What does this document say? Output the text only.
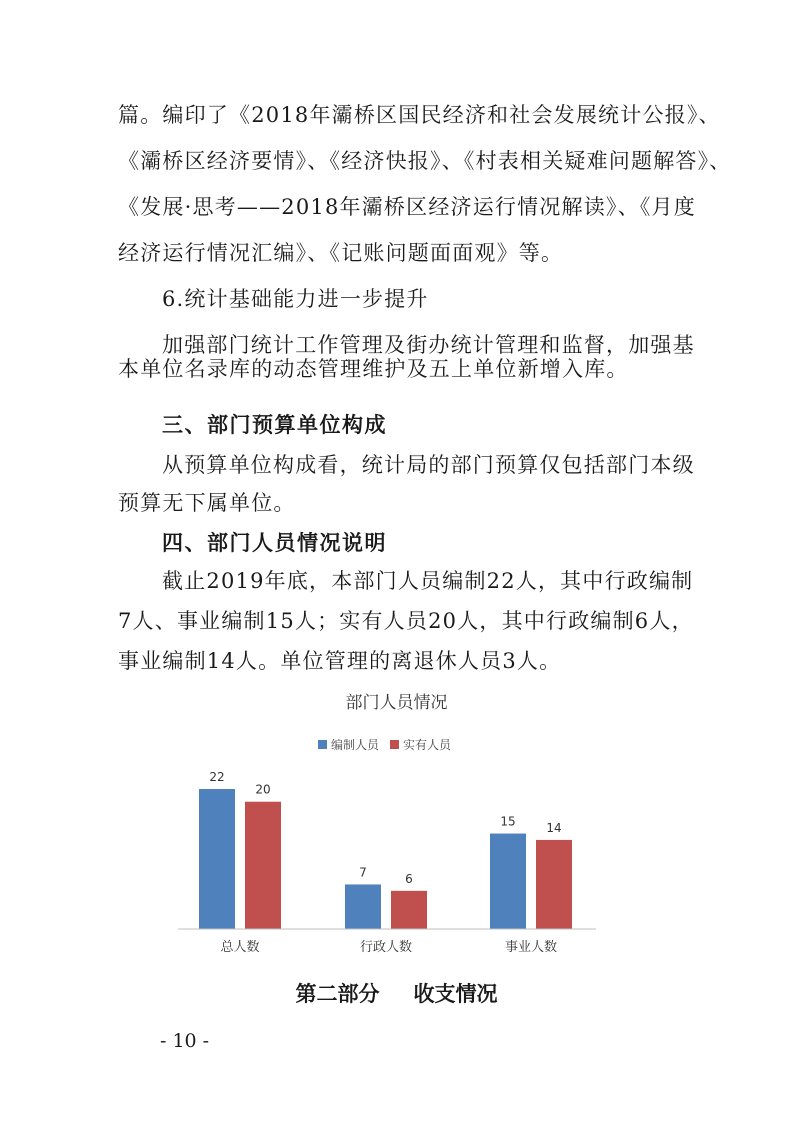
篇。编印了《2018年灞桥区国民经济和社会发展统计公报》、
《灞桥区经济要情》、《经济快报》、《村表相关疑难问题解答》、
《发展·思考——2018年灞桥区经济运行情况解读》、《月度
经济运行情况汇编》、《记账问题面面观》等。
6.统计基础能力进一步提升
加强部门统计工作管理及街办统计管理和监督，加强基
本单位名录库的动态管理维护及五上单位新增入库。
三、部门预算单位构成
从预算单位构成看，统计局的部门预算仅包括部门本级
预算无下属单位。
四、部门人员情况说明
截止2019年底，本部门人员编制22人，其中行政编制
7人、事业编制15人；实有人员20人，其中行政编制6人，
事业编制14人。单位管理的离退休人员3人。
部门人员情况
编制人员 实有人员
22
20
总人数
7	6
行政人数
15	14
事业人数
第二部分 收支情况
- 10 -
